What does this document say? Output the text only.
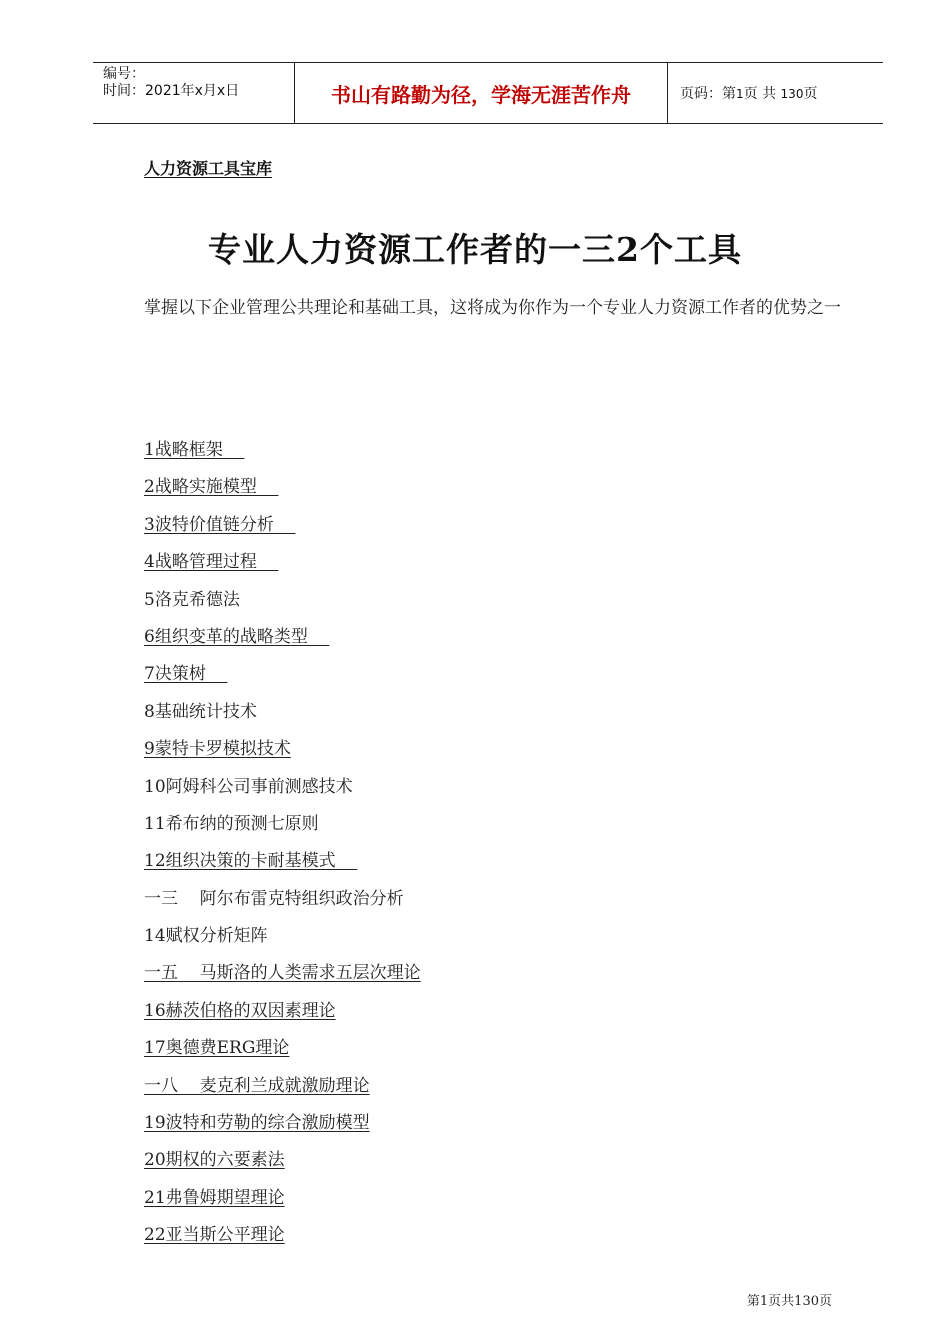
编号：
时间：2021年x月x日	书山有路勤为径，学海无涯苦作舟	页码：第1页 共 130页
人力资源工具宝库
专业人力资源工作者的一三2个工具
掌握以下企业管理公共理论和基础工具，这将成为你作为一个专业人力资源工作者的优势之一
1战略框架
2战略实施模型
3波特价值链分析
4战略管理过程
5洛克希德法
6组织变革的战略类型
7决策树
8基础统计技术
9蒙特卡罗模拟技术
10阿姆科公司事前测感技术
11希布纳的预测七原则
12组织决策的卡耐基模式
一三    阿尔布雷克特组织政治分析
14赋权分析矩阵
一五    马斯洛的人类需求五层次理论
16赫茨伯格的双因素理论
17奥德费ERG理论
一八    麦克利兰成就激励理论
19波特和劳勒的综合激励模型
20期权的六要素法
21弗鲁姆期望理论
22亚当斯公平理论
第1页共130页
